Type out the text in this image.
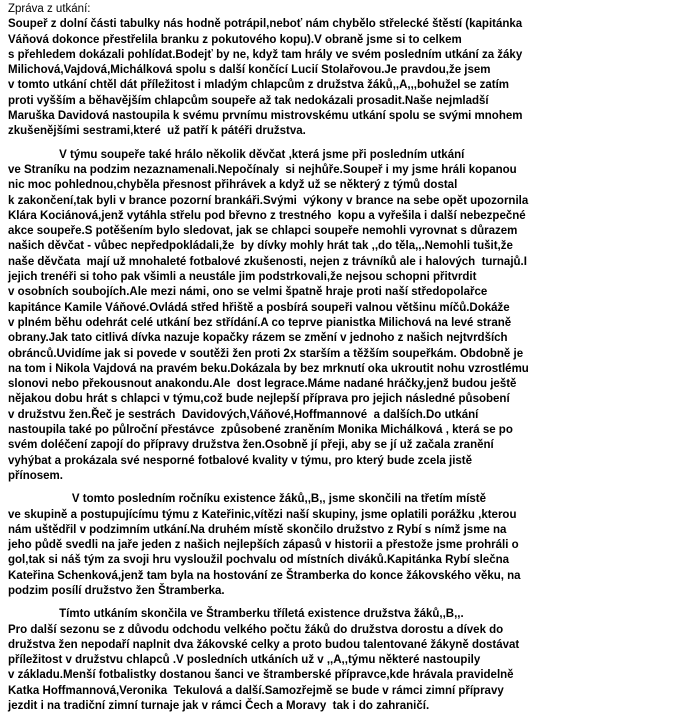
Zpráva z utkání:
Soupeř z dolní části tabulky nás hodně potrápil,neboť nám chybělo střelecké štěstí (kapitánka
Váňová dokonce přestřelila branku z pokutového kopu).V obraně jsme si to celkem
s přehledem dokázali pohlídat.Bodejť by ne, když tam hrály ve svém posledním utkání za žáky
Milichová,Vajdová,Michálková spolu s další končící Lucií Stolařovou.Je pravdou,že jsem
v tomto utkání chtěl dát příležitost i mladým chlapcům z družstva žáků,,A,,,bohužel se zatím
proti vyšším a běhavějším chlapcům soupeře až tak nedokázali prosadit.Naše nejmladší
Maruška Davidová nastoupila k svému prvnímu mistrovskému utkání spolu se svými mnohem
zkušenějšími sestrami,které  už patří k pátéři družstva.
V týmu soupeře také hrálo několik děvčat ,která jsme při posledním utkání
ve Straníku na podzim nezaznamenali.Nepočínaly  si nejhůře.Soupeř i my jsme hráli kopanou
nic moc pohlednou,chyběla přesnost přihrávek a když už se některý z týmů dostal
k zakončení,tak byli v brance pozorní brankáři.Svými  výkony v brance na sebe opět upozornila
Klára Kociánová,jenž vytáhla střelu pod břevno z trestného  kopu a vyřešila i další nebezpečné
akce soupeře.S potěšením bylo sledovat, jak se chlapci soupeře nemohli vyrovnat s důrazem
našich děvčat - vůbec nepředpokládali,že  by dívky mohly hrát tak ,,do těla,,.Nemohli tušit,že
naše děvčata  mají už mnohaleté fotbalové zkušenosti, nejen z trávníků ale i halových  turnajů.I
jejich trenéři si toho pak všimli a neustále jim podstrkovali,že nejsou schopni přitvrdit
v osobních soubojích.Ale mezi námi, ono se velmi špatně hraje proti naší středopolařce
kapitánce Kamile Váňové.Ovládá střed hřiště a posbírá soupeři valnou většinu míčů.Dokáže
v plném běhu odehrát celé utkání bez střídání.A co teprve pianistka Milichová na levé straně
obrany.Jak tato citlivá dívka nazuje kopačky rázem se změní v jednoho z našich nejtvrdších
obránců.Uvidíme jak si povede v soutěži žen proti 2x starším a těžším soupeřkám. Obdobně je
na tom i Nikola Vajdová na pravém beku.Dokázala by bez mrknutí oka ukroutit nohu vzrostlému
slonovi nebo překousnout anakondu.Ale  dost legrace.Máme nadané hráčky,jenž budou ještě
nějakou dobu hrát s chlapci v týmu,což bude nejlepší příprava pro jejich následné působení
v družstvu žen.Řeč je sestrách  Davidových,Váňové,Hoffmannové  a dalších.Do utkání
nastoupila také po půlroční přestávce  způsobené zraněním Monika Michálková , která se po
svém doléčení zapojí do přípravy družstva žen.Osobně jí přeji, aby se jí už začala zranění
vyhýbat a prokázala své nesporné fotbalové kvality v týmu, pro který bude zcela jistě
přínosem.
V tomto posledním ročníku existence žáků,,B,, jsme skončili na třetím místě
ve skupině a postupujícímu týmu z Kateřinic,vítězi naší skupiny, jsme oplatili porážku ,kterou
nám uštědřil v podzimním utkání.Na druhém místě skončilo družstvo z Rybí s nímž jsme na
jeho půdě svedli na jaře jeden z našich nejlepších zápasů v historii a přestože jsme prohráli o
gol,tak si náš tým za svoji hru vysloužil pochvalu od místních diváků.Kapitánka Rybí slečna
Kateřina Schenková,jenž tam byla na hostování ze Štramberka do konce žákovského věku, na
podzim posílí družstvo žen Štramberka.
Tímto utkáním skončila ve Štramberku tříletá existence družstva žáků,,B,,.
Pro další sezonu se z důvodu odchodu velkého počtu žáků do družstva dorostu a dívek do
družstva žen nepodaří naplnit dva žákovské celky a proto budou talentované žákyně dostávat
příležitost v družstvu chlapců .V posledních utkáních už v ,,A,,týmu některé nastoupily
v základu.Menší fotbalistky dostanou šanci ve štramberské přípravce,kde hrávala pravidelně
Katka Hoffmannová,Veronika  Tekulová a další.Samozřejmě se bude v rámci zimní přípravy
jezdit i na tradiční zimní turnaje jak v rámci Čech a Moravy  tak i do zahraničí.
